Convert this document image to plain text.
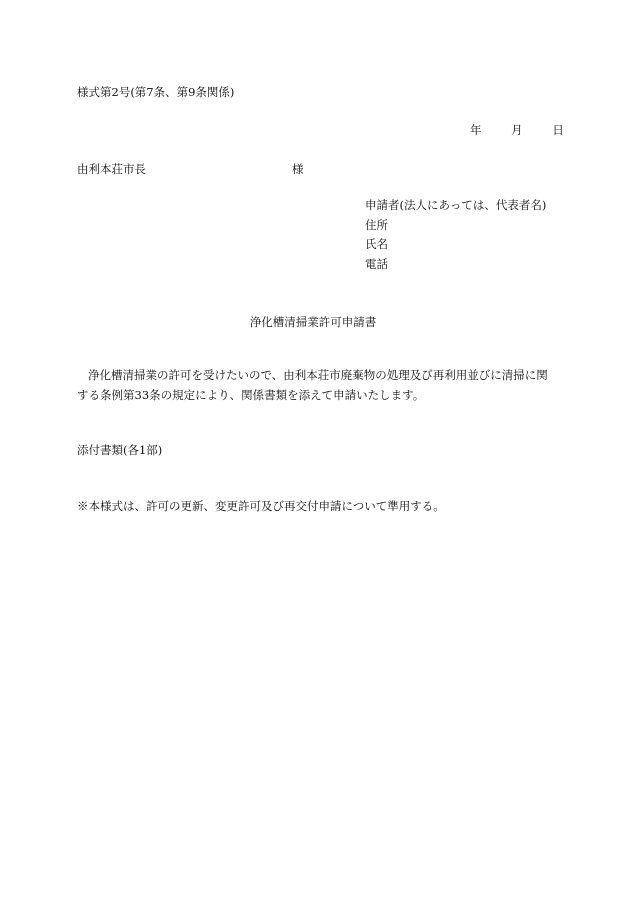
様式第2号(第7条、第9条関係)
年	月	日
由利本荘市長	様
申請者(法人にあっては、代表者名)
住所
氏名
電話
浄化槽清掃業許可申請書
浄化槽清掃業の許可を受けたいので、由利本荘市廃棄物の処理及び再利用並びに清掃に関する条例第33条の規定により、関係書類を添えて申請いたします。
添付書類(各1部)
※本様式は、許可の更新、変更許可及び再交付申請について準用する。
